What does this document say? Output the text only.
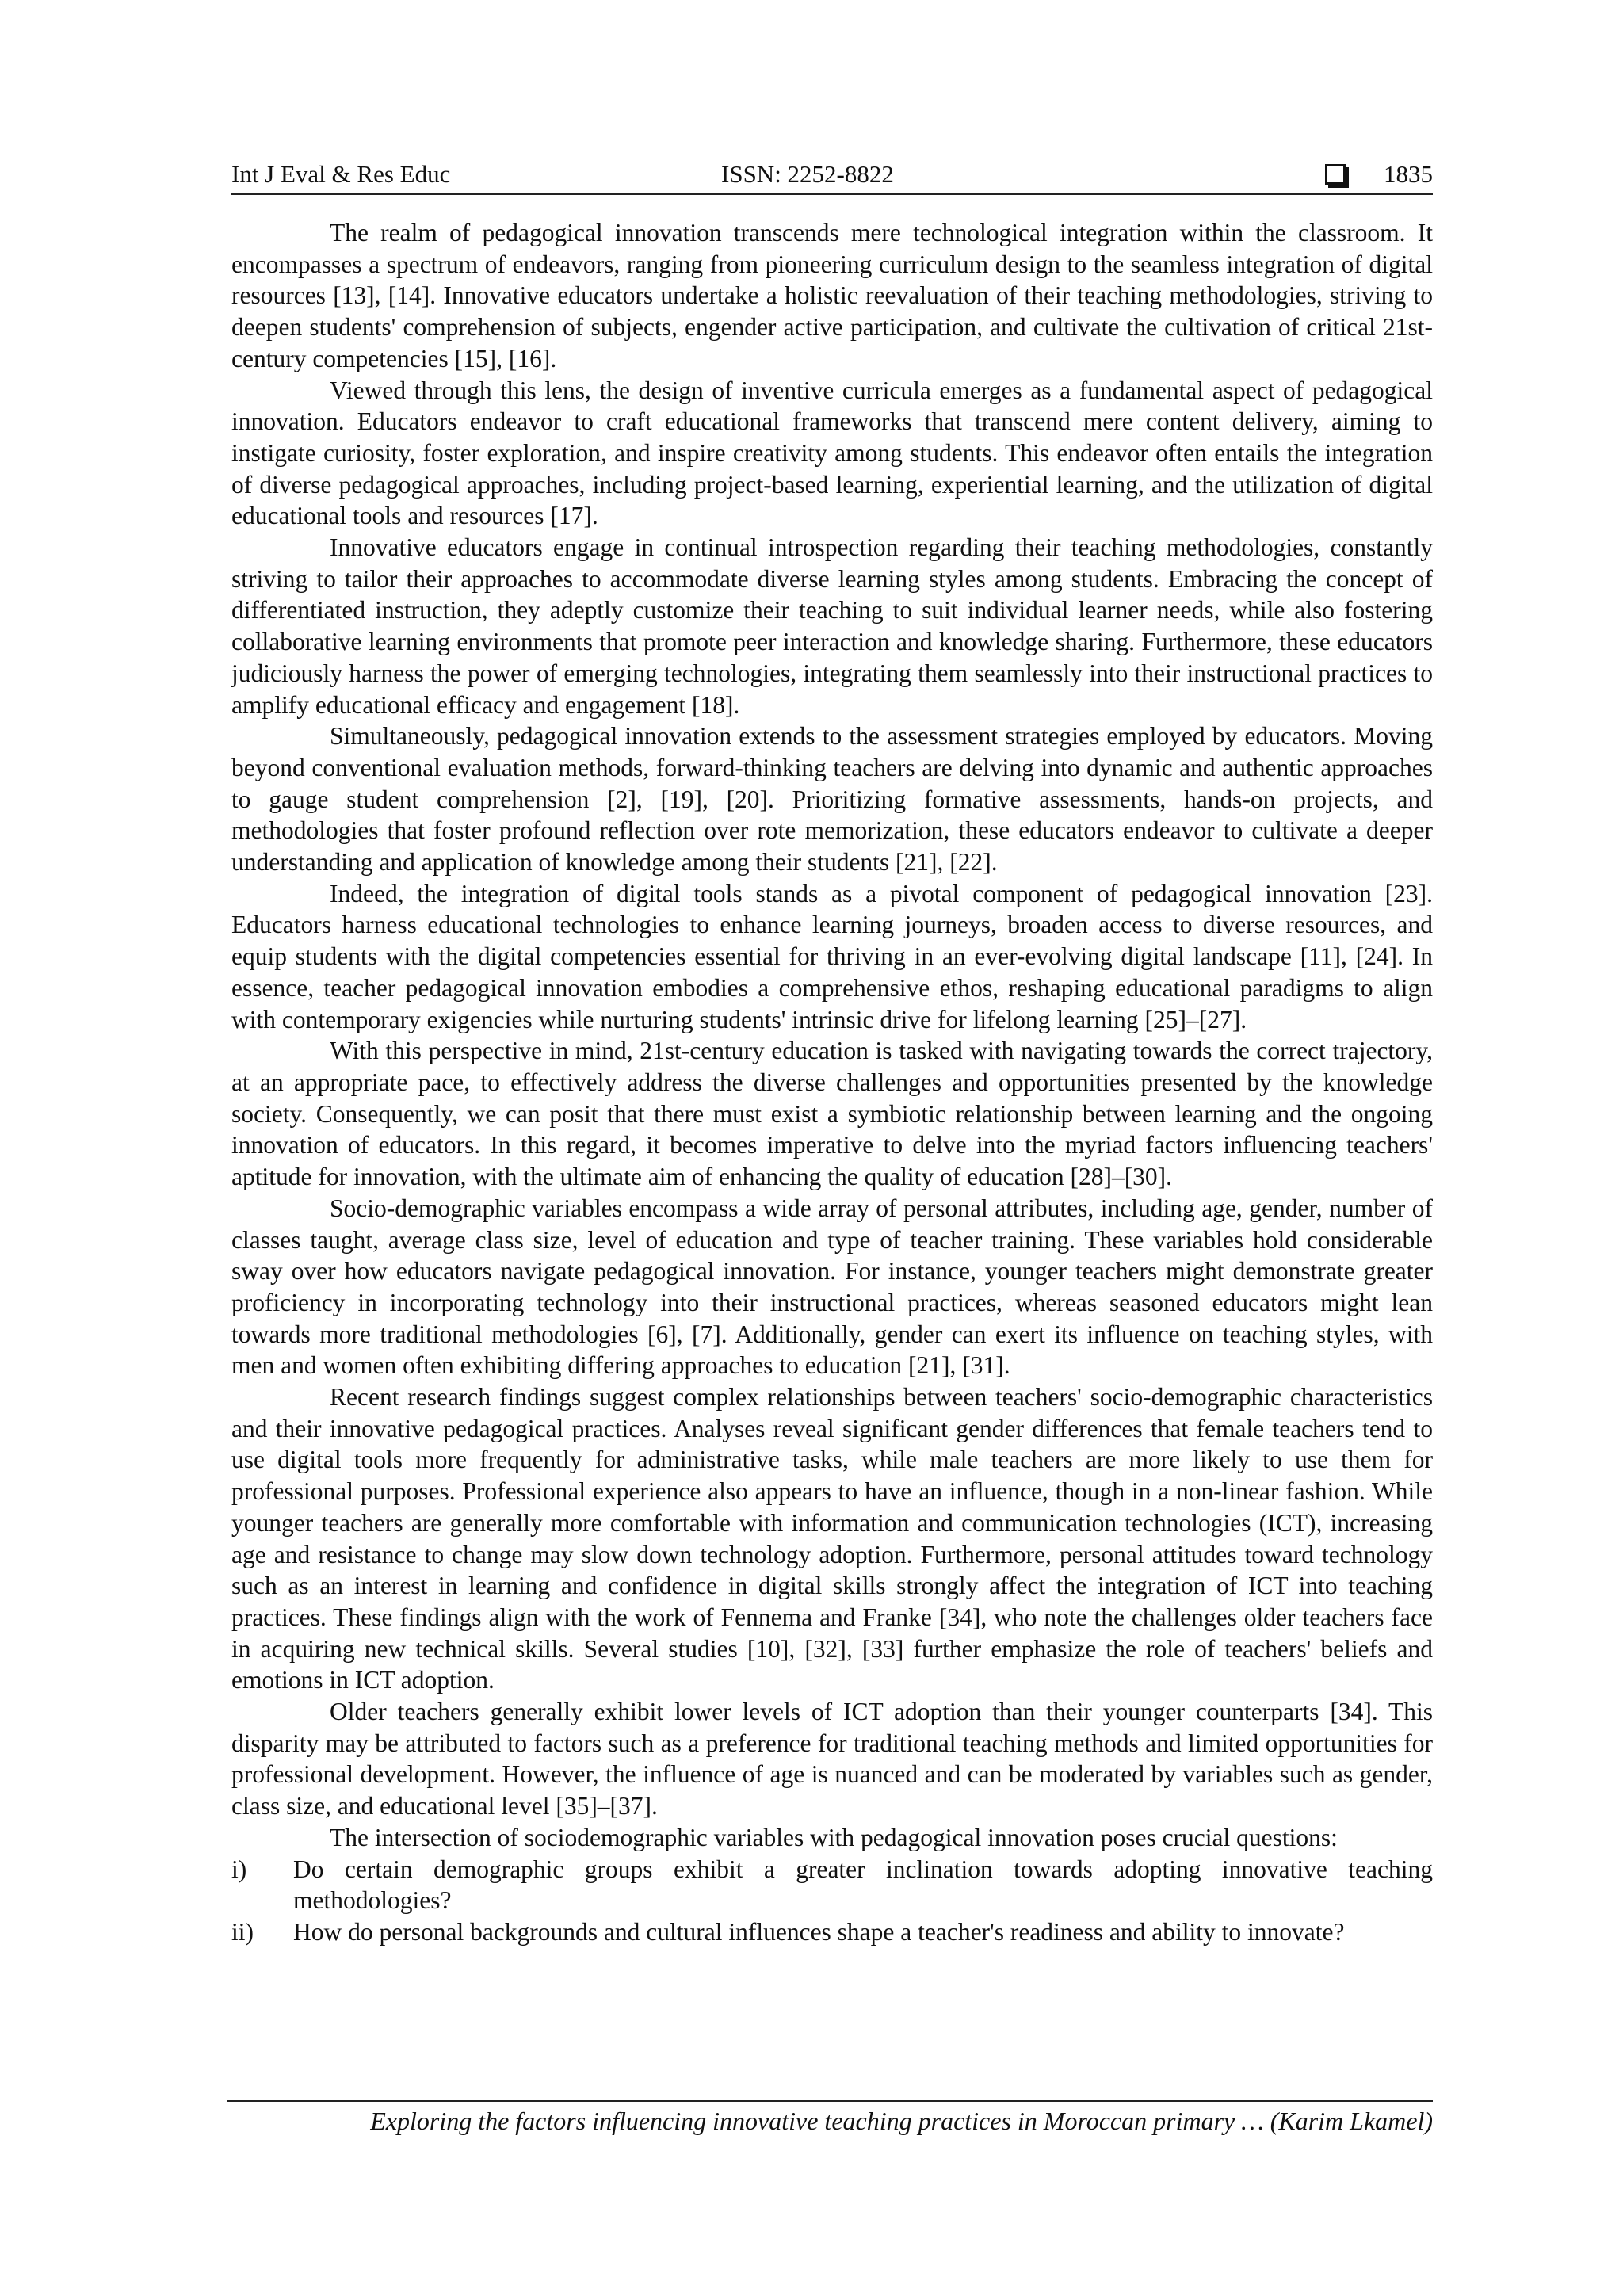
Int J Eval & Res Educ	ISSN: 2252-8822	1835

The realm of pedagogical innovation transcends mere technological integration within the classroom. It encompasses a spectrum of endeavors, ranging from pioneering curriculum design to the seamless integration of digital resources [13], [14]. Innovative educators undertake a holistic reevaluation of their teaching methodologies, striving to deepen students' comprehension of subjects, engender active participation, and cultivate the cultivation of critical 21st-century competencies [15], [16].

Viewed through this lens, the design of inventive curricula emerges as a fundamental aspect of pedagogical innovation. Educators endeavor to craft educational frameworks that transcend mere content delivery, aiming to instigate curiosity, foster exploration, and inspire creativity among students. This endeavor often entails the integration of diverse pedagogical approaches, including project-based learning, experiential learning, and the utilization of digital educational tools and resources [17].

Innovative educators engage in continual introspection regarding their teaching methodologies, constantly striving to tailor their approaches to accommodate diverse learning styles among students. Embracing the concept of differentiated instruction, they adeptly customize their teaching to suit individual learner needs, while also fostering collaborative learning environments that promote peer interaction and knowledge sharing. Furthermore, these educators judiciously harness the power of emerging technologies, integrating them seamlessly into their instructional practices to amplify educational efficacy and engagement [18].

Simultaneously, pedagogical innovation extends to the assessment strategies employed by educators. Moving beyond conventional evaluation methods, forward-thinking teachers are delving into dynamic and authentic approaches to gauge student comprehension [2], [19], [20]. Prioritizing formative assessments, hands-on projects, and methodologies that foster profound reflection over rote memorization, these educators endeavor to cultivate a deeper understanding and application of knowledge among their students [21], [22].

Indeed, the integration of digital tools stands as a pivotal component of pedagogical innovation [23]. Educators harness educational technologies to enhance learning journeys, broaden access to diverse resources, and equip students with the digital competencies essential for thriving in an ever-evolving digital landscape [11], [24]. In essence, teacher pedagogical innovation embodies a comprehensive ethos, reshaping educational paradigms to align with contemporary exigencies while nurturing students' intrinsic drive for lifelong learning [25]–[27].

With this perspective in mind, 21st-century education is tasked with navigating towards the correct trajectory, at an appropriate pace, to effectively address the diverse challenges and opportunities presented by the knowledge society. Consequently, we can posit that there must exist a symbiotic relationship between learning and the ongoing innovation of educators. In this regard, it becomes imperative to delve into the myriad factors influencing teachers' aptitude for innovation, with the ultimate aim of enhancing the quality of education [28]–[30].

Socio-demographic variables encompass a wide array of personal attributes, including age, gender, number of classes taught, average class size, level of education and type of teacher training. These variables hold considerable sway over how educators navigate pedagogical innovation. For instance, younger teachers might demonstrate greater proficiency in incorporating technology into their instructional practices, whereas seasoned educators might lean towards more traditional methodologies [6], [7]. Additionally, gender can exert its influence on teaching styles, with men and women often exhibiting differing approaches to education [21], [31].

Recent research findings suggest complex relationships between teachers' socio-demographic characteristics and their innovative pedagogical practices. Analyses reveal significant gender differences that female teachers tend to use digital tools more frequently for administrative tasks, while male teachers are more likely to use them for professional purposes. Professional experience also appears to have an influence, though in a non-linear fashion. While younger teachers are generally more comfortable with information and communication technologies (ICT), increasing age and resistance to change may slow down technology adoption. Furthermore, personal attitudes toward technology such as an interest in learning and confidence in digital skills strongly affect the integration of ICT into teaching practices. These findings align with the work of Fennema and Franke [34], who note the challenges older teachers face in acquiring new technical skills. Several studies [10], [32], [33] further emphasize the role of teachers' beliefs and emotions in ICT adoption.

Older teachers generally exhibit lower levels of ICT adoption than their younger counterparts [34]. This disparity may be attributed to factors such as a preference for traditional teaching methods and limited opportunities for professional development. However, the influence of age is nuanced and can be moderated by variables such as gender, class size, and educational level [35]–[37].

The intersection of sociodemographic variables with pedagogical innovation poses crucial questions:

i) Do certain demographic groups exhibit a greater inclination towards adopting innovative teaching methodologies?
ii) How do personal backgrounds and cultural influences shape a teacher's readiness and ability to innovate?
Exploring the factors influencing innovative teaching practices in Moroccan primary … (Karim Lkamel)
